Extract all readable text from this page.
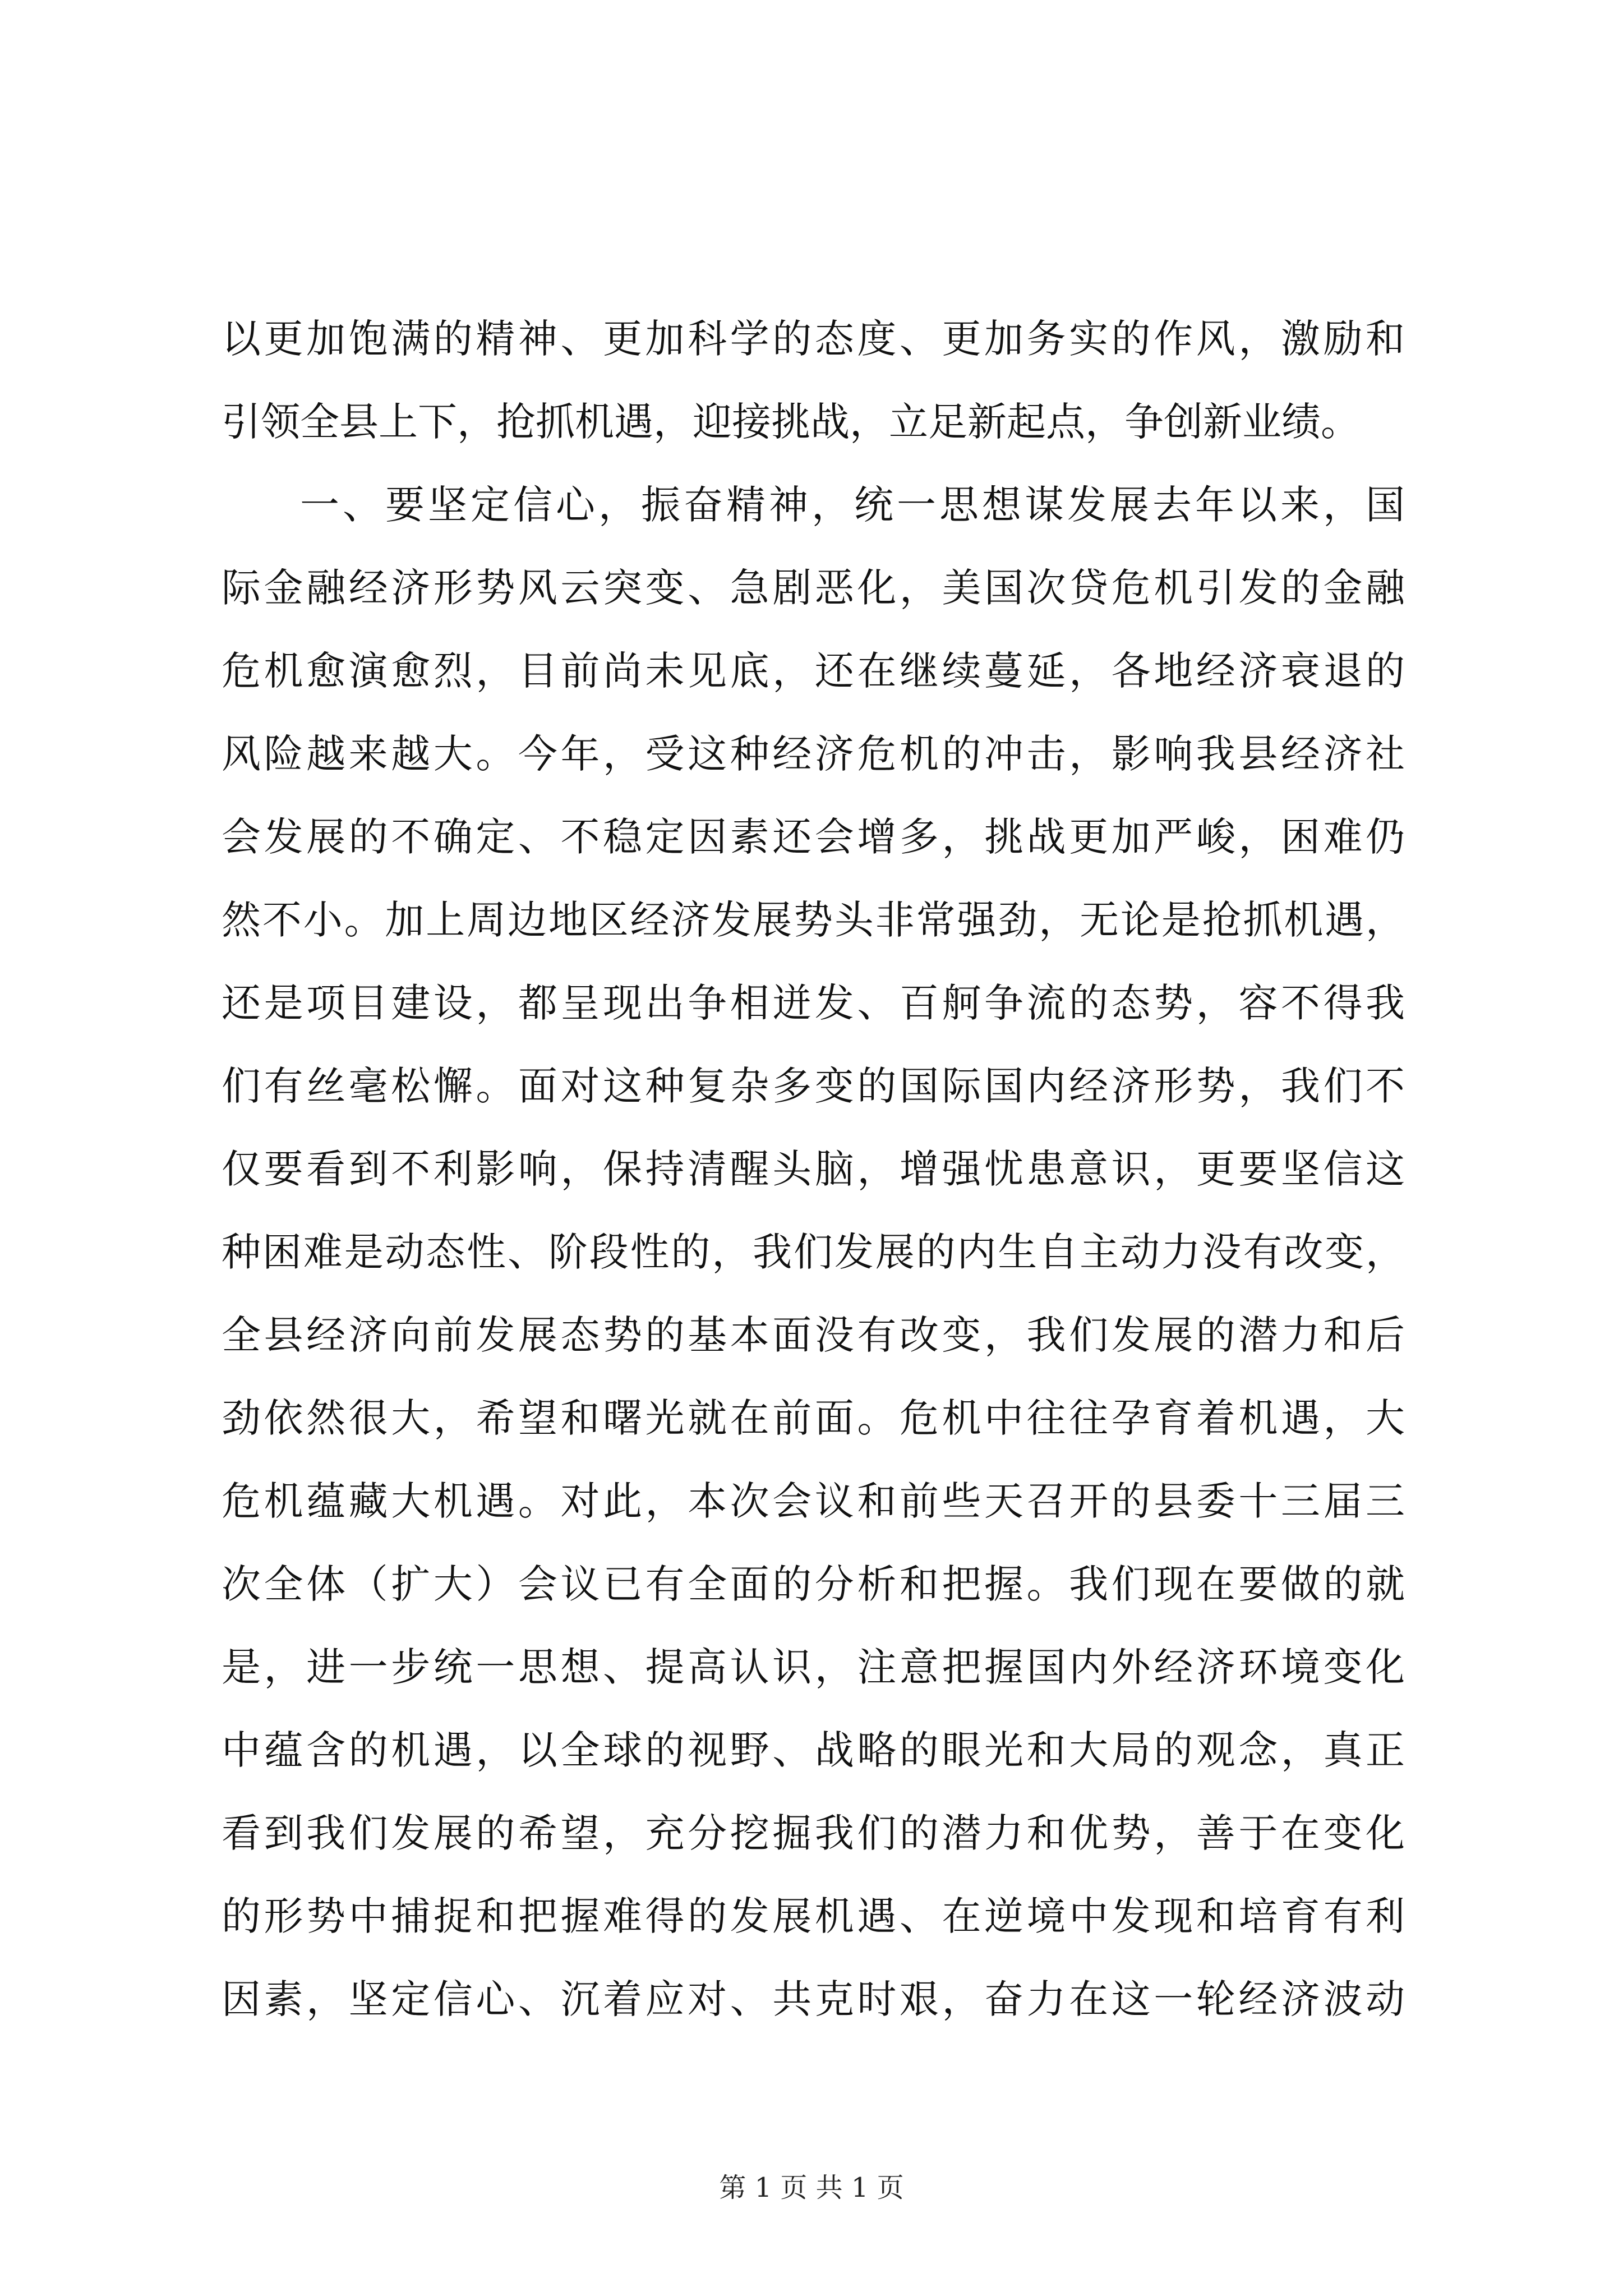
以更加饱满的精神、更加科学的态度、更加务实的作风，激励和
引领全县上下，抢抓机遇，迎接挑战，立足新起点，争创新业绩。
一、要坚定信心，振奋精神，统一思想谋发展去年以来，国
际金融经济形势风云突变、急剧恶化，美国次贷危机引发的金融
危机愈演愈烈，目前尚未见底，还在继续蔓延，各地经济衰退的
风险越来越大。今年，受这种经济危机的冲击，影响我县经济社
会发展的不确定、不稳定因素还会增多，挑战更加严峻，困难仍
然不小。加上周边地区经济发展势头非常强劲，无论是抢抓机遇，
还是项目建设，都呈现出争相迸发、百舸争流的态势，容不得我
们有丝毫松懈。面对这种复杂多变的国际国内经济形势，我们不
仅要看到不利影响，保持清醒头脑，增强忧患意识，更要坚信这
种困难是动态性、阶段性的，我们发展的内生自主动力没有改变，
全县经济向前发展态势的基本面没有改变，我们发展的潜力和后
劲依然很大，希望和曙光就在前面。危机中往往孕育着机遇，大
危机蕴藏大机遇。对此，本次会议和前些天召开的县委十三届三
次全体（扩大）会议已有全面的分析和把握。我们现在要做的就
是，进一步统一思想、提高认识，注意把握国内外经济环境变化
中蕴含的机遇，以全球的视野、战略的眼光和大局的观念，真正
看到我们发展的希望，充分挖掘我们的潜力和优势，善于在变化
的形势中捕捉和把握难得的发展机遇、在逆境中发现和培育有利
因素，坚定信心、沉着应对、共克时艰，奋力在这一轮经济波动
第 1 页 共 1 页
